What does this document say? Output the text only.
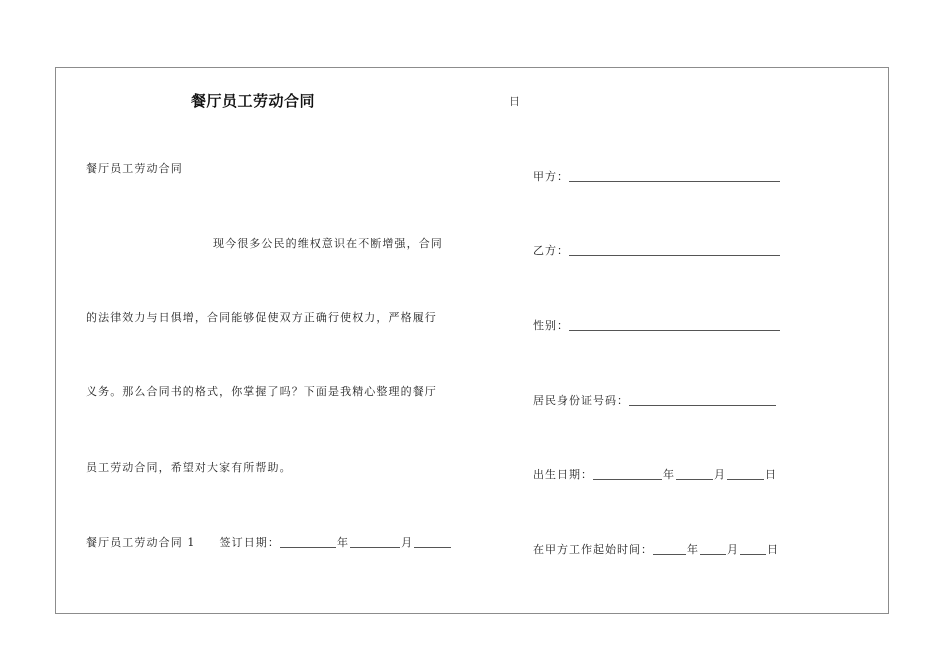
餐厅员工劳动合同	日
餐厅员工劳动合同
现今很多公民的维权意识在不断增强，合同
的法律效力与日俱增，合同能够促使双方正确行使权力，严格履行
义务。那么合同书的格式，你掌握了吗？下面是我精心整理的餐厅
员工劳动合同，希望对大家有所帮助。
餐厅员工劳动合同 1 签订日期：	年	月
甲方：
乙方：
性别：
居民身份证号码：
出生日期：	年	月	日
在甲方工作起始时间：	年	月	日
